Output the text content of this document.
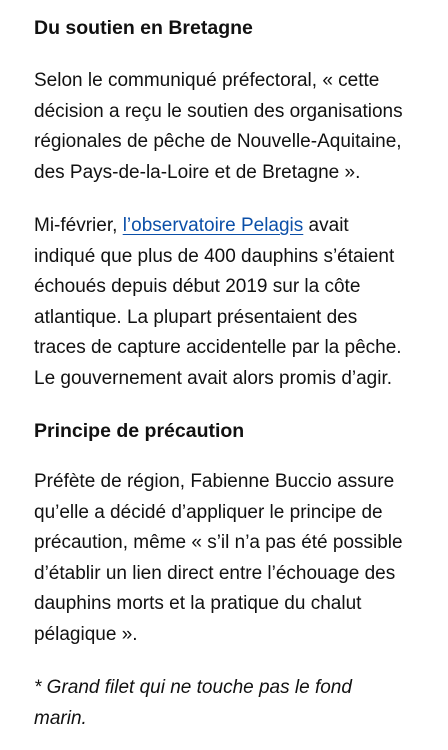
Du soutien en Bretagne

Selon le communiqué préfectoral, « cette
décision a reçu le soutien des organisations
régionales de pêche de Nouvelle-Aquitaine,
des Pays-de-la-Loire et de Bretagne ».

Mi-février, l’observatoire Pelagis avait
indiqué que plus de 400 dauphins s’étaient
échoués depuis début 2019 sur la côte
atlantique. La plupart présentaient des
traces de capture accidentelle par la pêche.
Le gouvernement avait alors promis d’agir.

Principe de précaution

Préfète de région, Fabienne Buccio assure
qu’elle a décidé d’appliquer le principe de
précaution, même « s’il n’a pas été possible
d’établir un lien direct entre l’échouage des
dauphins morts et la pratique du chalut
pélagique ».

* Grand filet qui ne touche pas le fond
marin.
